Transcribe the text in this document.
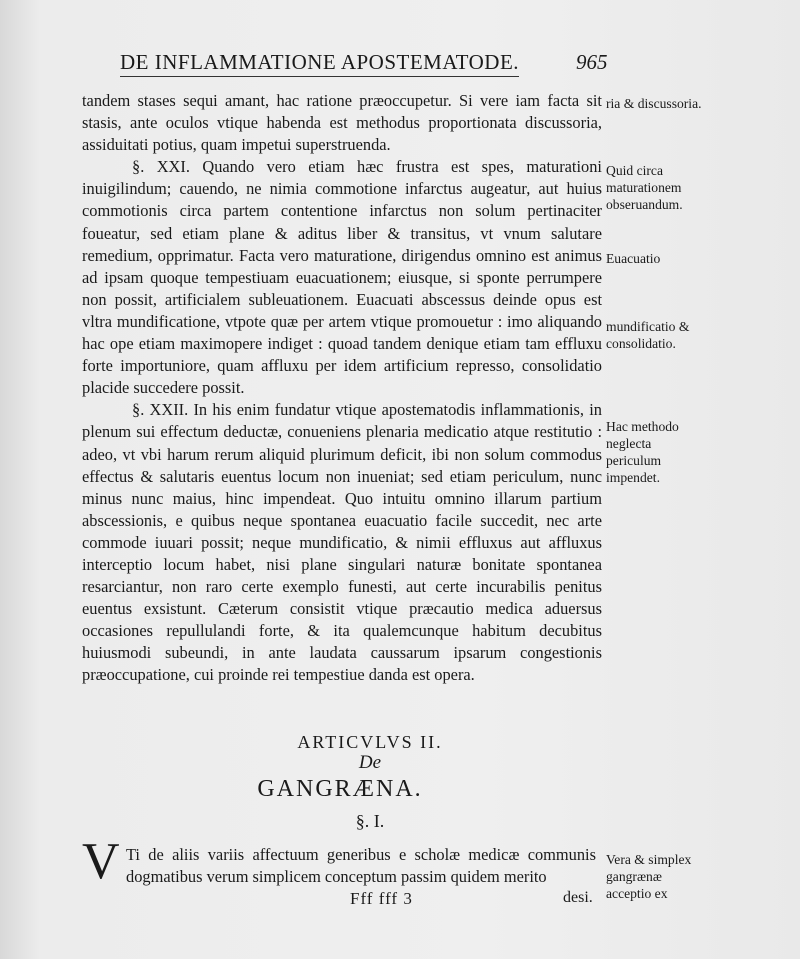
DE INFLAMMATIONE APOSTEMATODE.	965

tandem stases sequi amant, hac ratione præoccupetur. Si vere iam facta sit stasis, ante oculos vtique habenda est methodus proportionata discussoria, assiduitati potius, quam impetui superstruenda.

§. XXI. Quando vero etiam hæc frustra est spes, maturationi inuigilindum; cauendo, ne nimia commotione infarctus augeatur, aut huius commotionis circa partem contentione infarctus non solum pertinaciter foueatur, sed etiam plane & aditus liber & transitus, vt vnum salutare remedium, opprimatur. Facta vero maturatione, dirigendus omnino est animus ad ipsam quoque tempestiuam euacuationem; eiusque, si sponte perrumpere non possit, artificialem subleuationem. Euacuati abscessus deinde opus est vltra mundificatione, vtpote quæ per artem vtique promouetur : imo aliquando hac ope etiam maximopere indiget : quoad tandem denique etiam tam effluxu forte importuniore, quam affluxu per idem artificium represso, consolidatio placide succedere possit.

§. XXII. In his enim fundatur vtique apostematodis inflammationis, in plenum sui effectum deductæ, conueniens plenaria medicatio atque restitutio : adeo, vt vbi harum rerum aliquid plurimum deficit, ibi non solum commodus effectus & salutaris euentus locum non inueniat; sed etiam periculum, nunc minus nunc maius, hinc impendeat. Quo intuitu omnino illarum partium abscessionis, e quibus neque spontanea euacuatio facile succedit, nec arte commode iuuari possit; neque mundificatio, & nimii effluxus aut affluxus interceptio locum habet, nisi plane singulari naturæ bonitate spontanea resarciantur, non raro certe exemplo funesti, aut certe incurabilis penitus euentus exsistunt. Cæterum consistit vtique præcautio medica aduersus occasiones repullulandi forte, & ita qualemcunque habitum decubitus huiusmodi subeundi, in ante laudata caussarum ipsarum congestionis præoccupatione, cui proinde rei tempestiue danda est opera.

ria & discussoria.
Quid circa maturationem obseruandum.
Euacuatio
mundificatio & consolidatio.
Hac methodo neglecta periculum impendet.
Vera & simplex gangrænæ acceptio ex
ARTICVLVS II.
De
GANGRÆNA.
§. I.
V Ti de aliis variis affectuum generibus e scholæ medicæ communis dogmatibus verum simplicem conceptum passim quidem merito
Fff fff 3	desi.
